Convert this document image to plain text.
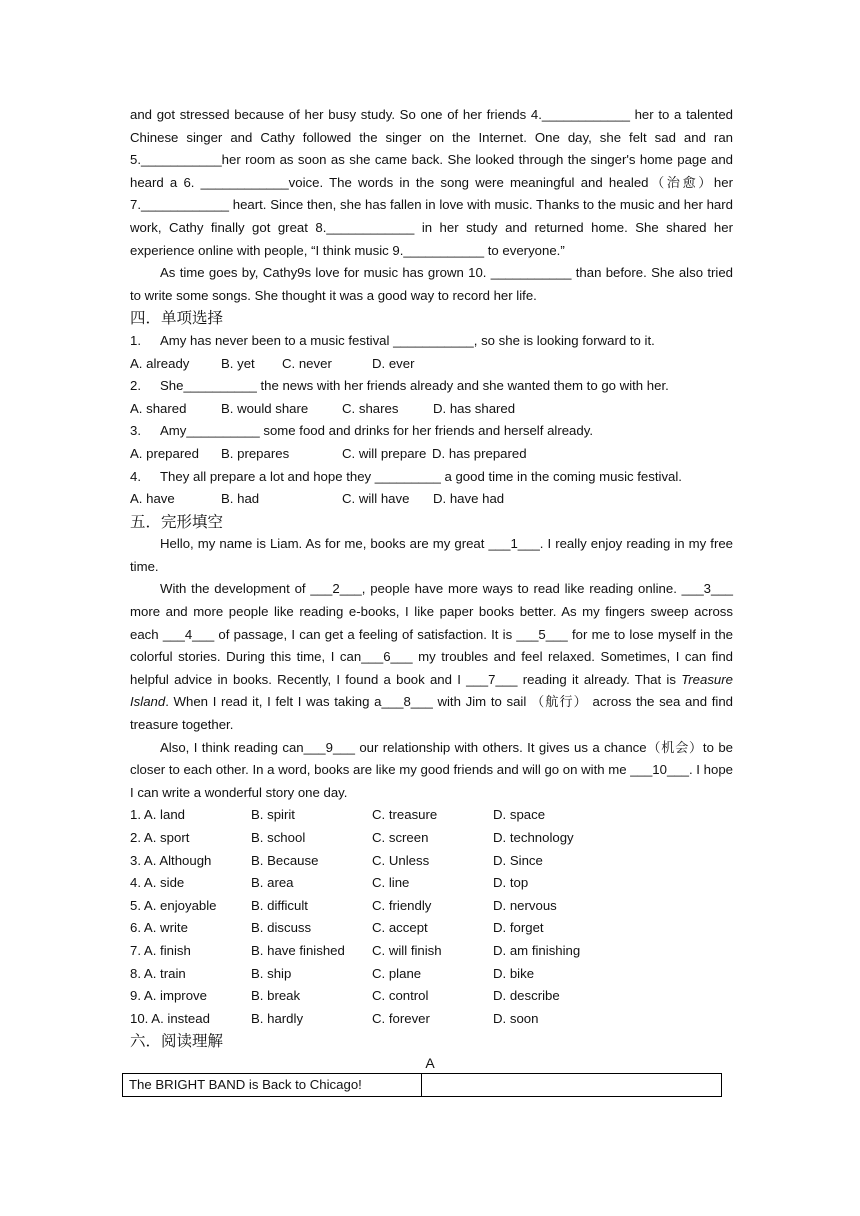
and got stressed because of her busy study. So one of her friends 4.____________ her to a talented Chinese singer and Cathy followed the singer on the Internet. One day, she felt sad and ran 5.___________her room as soon as she came back. She looked through the singer's home page and heard a 6. ____________voice. The words in the song were meaningful and healed（治愈）her 7.____________ heart. Since then, she has fallen in love with music. Thanks to the music and her hard work, Cathy finally got great 8.____________ in her study and returned home. She shared her experience online with people, “I think music 9.___________ to everyone.”

As time goes by, Cathy9s love for music has grown 10. ___________ than before. She also tried to write some songs. She thought it was a good way to record her life.

四．单项选择

1.	Amy has never been to a music festival ___________, so she is looking forward to it.
A. already	B. yet	C. never	D. ever
2.	She__________ the news with her friends already and she wanted them to go with her.
A. shared	B. would share	C. shares	D. has shared
3.	Amy__________ some food and drinks for her friends and herself already.
A. prepared	B. prepares	C. will prepare D. has prepared
4.	They all prepare a lot and hope they _________ a good time in the coming music festival.
A. have	B. had	C. will have	D. have had

五．完形填空

Hello, my name is Liam. As for me, books are my great ___1___. I really enjoy reading in my free time.

With the development of ___2___, people have more ways to read like reading online. ___3___ more and more people like reading e-books, I like paper books better. As my fingers sweep across each ___4___ of passage, I can get a feeling of satisfaction. It is ___5___ for me to lose myself in the colorful stories. During this time, I can___6___ my troubles and feel relaxed. Sometimes, I can find helpful advice in books. Recently, I found a book and I ___7___ reading it already. That is Treasure Island. When I read it, I felt I was taking a___8___ with Jim to sail （航行） across the sea and find treasure together.

Also, I think reading can___9___ our relationship with others. It gives us a chance（机会）to be closer to each other. In a word, books are like my good friends and will go on with me ___10___. I hope I can write a wonderful story one day.

1. A. land	B. spirit	C. treasure	D. space
2. A. sport	B. school	C. screen	D. technology
3. A. Although	B. Because	C. Unless	D. Since
4. A. side	B. area	C. line	D. top
5. A. enjoyable	B. difficult	C. friendly	D. nervous
6. A. write	B. discuss	C. accept	D. forget
7. A. finish	B. have finished	C. will finish	D. am finishing
8. A. train	B. ship	C. plane	D. bike
9. A. improve	B. break	C. control	D. describe
10. A. instead	B. hardly	C. forever	D. soon

六．阅读理解

A
The BRIGHT BAND is Back to Chicago!
